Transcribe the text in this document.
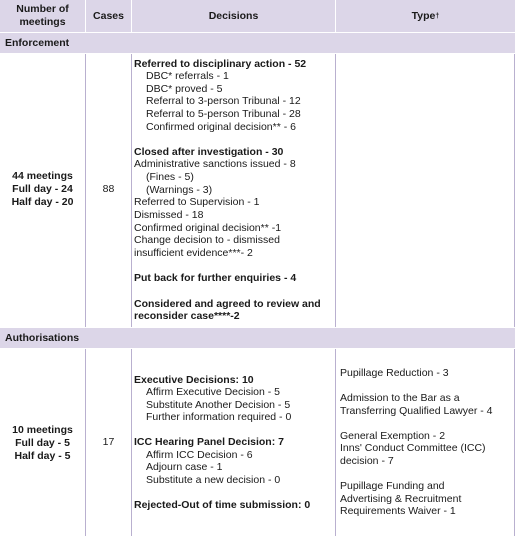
Number of meetings
Cases	Decisions	Type †
Enforcement
Authorisations
44 meetings
Full day - 24
Half day - 20
88
Referred to disciplinary action - 52
DBC* referrals - 1
DBC* proved - 5
Referral to 3-person Tribunal - 12
Referral to 5-person Tribunal - 28
Confirmed original decision** - 6
Closed after investigation - 30
Administrative sanctions issued - 8
(Fines - 5)
(Warnings - 3)
Referred to Supervision - 1
Dismissed - 18
Confirmed original decision** -1
Change decision to - dismissed
insufficient evidence***- 2
Put back for further enquiries - 4
Considered and agreed to review and
reconsider case****-2
10 meetings
Full day - 5
Half day - 5
17
Executive Decisions: 10
Affirm Executive Decision - 5
Substitute Another Decision - 5
Further information required - 0
ICC Hearing Panel Decision: 7
Affirm ICC Decision - 6
Adjourn case - 1
Substitute a new decision - 0
Rejected-Out of time submission: 0
Pupillage Reduction - 3
Admission to the Bar as a
Transferring Qualified Lawyer - 4
General Exemption - 2
Inns' Conduct Committee (ICC)
decision - 7
Pupillage Funding and
Advertising & Recruitment
Requirements Waiver - 1
